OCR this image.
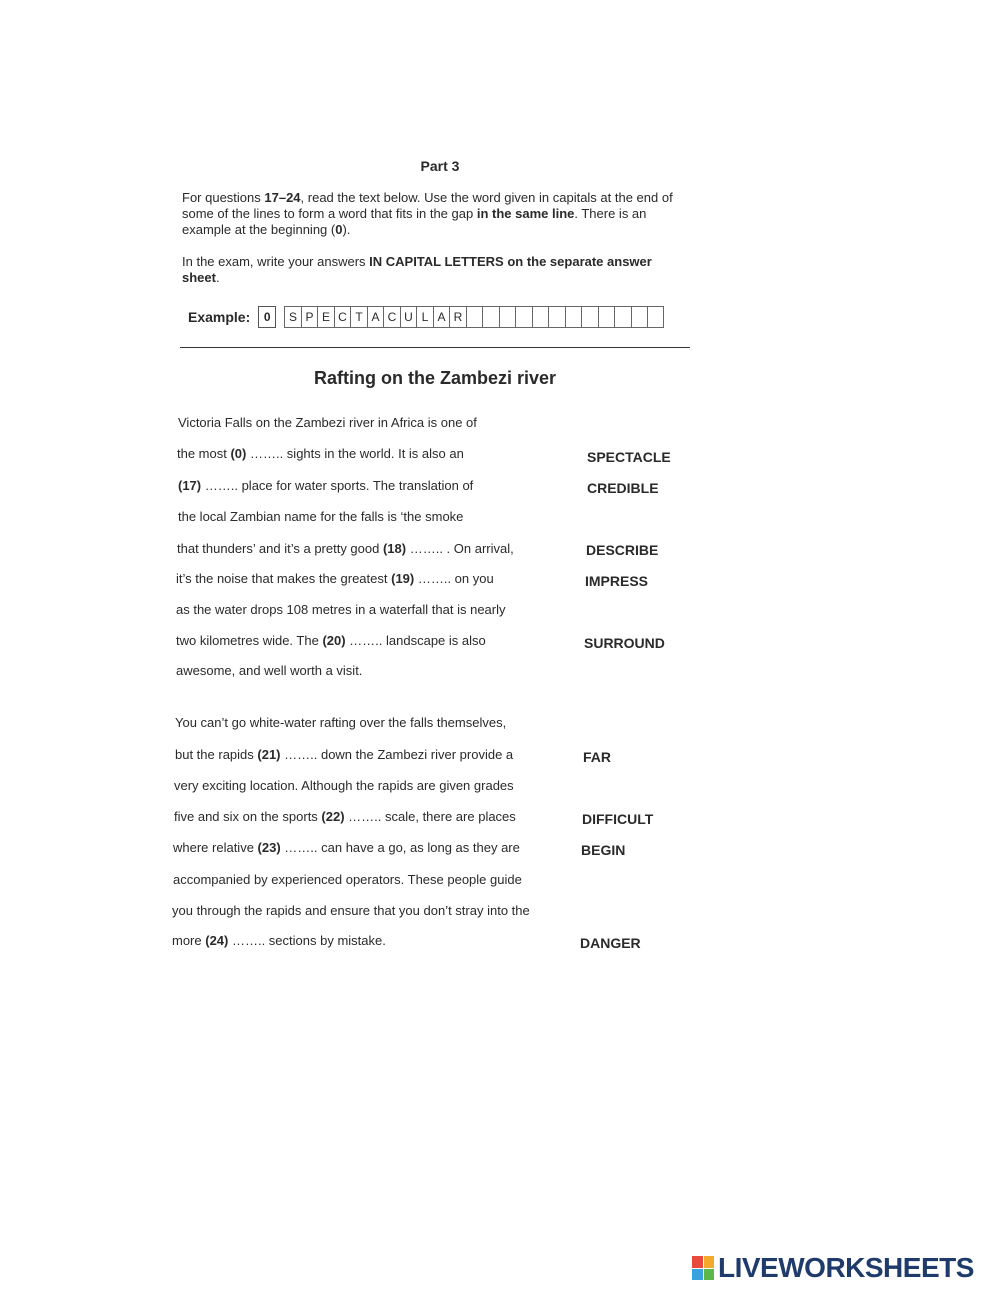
Part 3
For questions 17–24, read the text below. Use the word given in capitals at the end of some of the lines to form a word that fits in the gap in the same line. There is an example at the beginning (0).
In the exam, write your answers IN CAPITAL LETTERS on the separate answer sheet.
Example:	0	S P E C T A C U L A R
Rafting on the Zambezi river
Victoria Falls on the Zambezi river in Africa is one of
the most (0) …….. sights in the world. It is also an
(17) …….. place for water sports. The translation of
the local Zambian name for the falls is ‘the smoke
that thunders’ and it’s a pretty good (18) …….. . On arrival,
it’s the noise that makes the greatest (19) …….. on you
as the water drops 108 metres in a waterfall that is nearly
two kilometres wide. The (20) …….. landscape is also
awesome, and well worth a visit.
You can’t go white-water rafting over the falls themselves,
but the rapids (21) …….. down the Zambezi river provide a
very exciting location. Although the rapids are given grades
five and six on the sports (22) …….. scale, there are places
where relative (23) …….. can have a go, as long as they are
accompanied by experienced operators. These people guide
you through the rapids and ensure that you don’t stray into the
more (24) …….. sections by mistake.
SPECTACLE
CREDIBLE
DESCRIBE
IMPRESS
SURROUND
FAR
DIFFICULT
BEGIN
DANGER
LIVEWORKSHEETS
